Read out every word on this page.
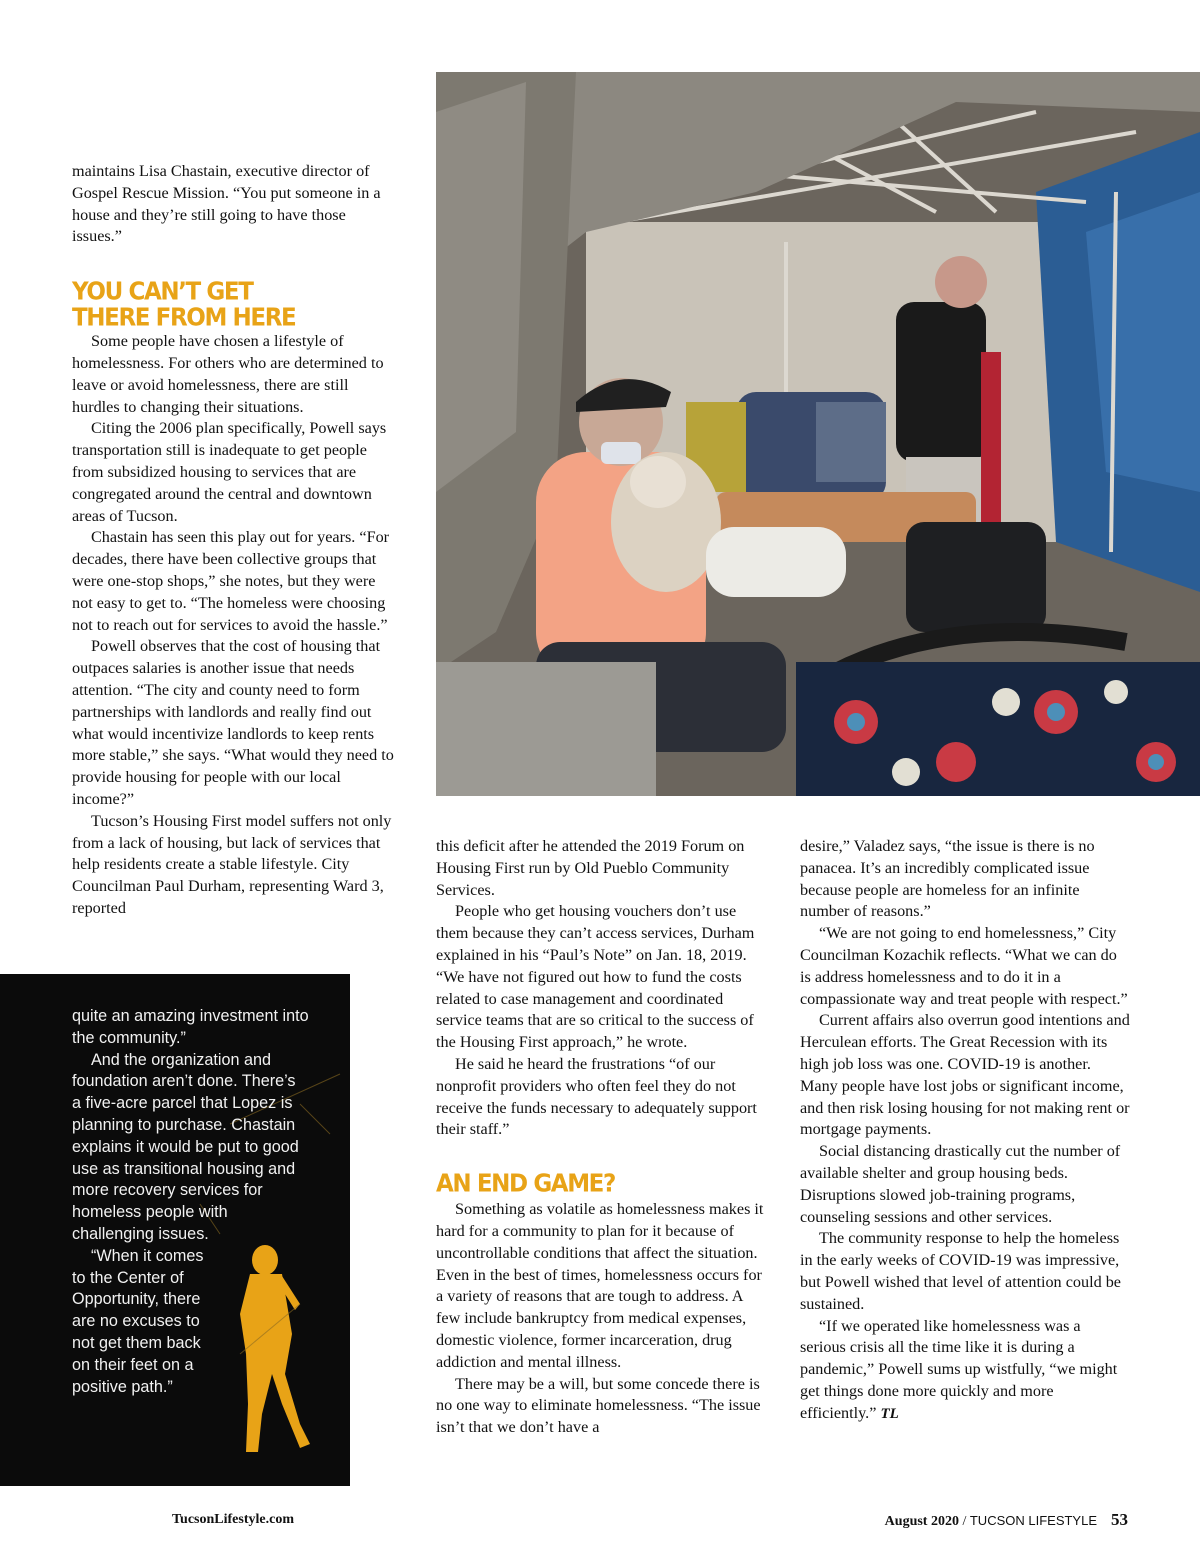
maintains Lisa Chastain, executive director of Gospel Rescue Mission. “You put someone in a house and they’re still going to have those issues.”

YOU CAN’T GET THERE FROM HERE

Some people have chosen a lifestyle of homelessness. For others who are determined to leave or avoid homelessness, there are still hurdles to changing their situations.

Citing the 2006 plan specifically, Powell says transportation still is inadequate to get people from subsidized housing to services that are congregated around the central and downtown areas of Tucson.

Chastain has seen this play out for years. “For decades, there have been collective groups that were one-stop shops,” she notes, but they were not easy to get to. “The homeless were choosing not to reach out for services to avoid the hassle.”

Powell observes that the cost of housing that outpaces salaries is another issue that needs attention. “The city and county need to form partnerships with landlords and really find out what would incentivize landlords to keep rents more stable,” she says. “What would they need to provide housing for people with our local income?”

Tucson’s Housing First model suffers not only from a lack of housing, but lack of services that help residents create a stable lifestyle. City Councilman Paul Durham, representing Ward 3, reported

this deficit after he attended the 2019 Forum on Housing First run by Old Pueblo Community Services.

People who get housing vouchers don’t use them because they can’t access services, Durham explained in his “Paul’s Note” on Jan. 18, 2019. “We have not figured out how to fund the costs related to case management and coordinated service teams that are so critical to the success of the Housing First approach,” he wrote.

He said he heard the frustrations “of our nonprofit providers who often feel they do not receive the funds necessary to adequately support their staff.”

AN END GAME?

Something as volatile as homelessness makes it hard for a community to plan for it because of uncontrollable conditions that affect the situation. Even in the best of times, homelessness occurs for a variety of reasons that are tough to address. A few include bankruptcy from medical expenses, domestic violence, former incarceration, drug addiction and mental illness.

There may be a will, but some concede there is no one way to eliminate homelessness. “The issue isn’t that we don’t have a

desire,” Valadez says, “the issue is there is no panacea. It’s an incredibly complicated issue because people are homeless for an infinite number of reasons.”

“We are not going to end homelessness,” City Councilman Kozachik reflects. “What we can do is address homelessness and to do it in a compassionate way and treat people with respect.”

Current affairs also overrun good intentions and Herculean efforts. The Great Recession with its high job loss was one. COVID-19 is another. Many people have lost jobs or significant income, and then risk losing housing for not making rent or mortgage payments.

Social distancing drastically cut the number of available shelter and group housing beds. Disruptions slowed job-training programs, counseling sessions and other services.

The community response to help the homeless in the early weeks of COVID-19 was impressive, but Powell wished that level of attention could be sustained.

“If we operated like homelessness was a serious crisis all the time like it is during a pandemic,” Powell sums up wistfully, “we might get things done more quickly and more efficiently.” TL

quite an amazing investment into the community.”

And the organization and foundation aren’t done. There’s a five-acre parcel that Lopez is planning to purchase. Chastain explains it would be put to good use as transitional housing and more recovery services for homeless people with challenging issues.

“When it comes to the Center of Opportunity, there are no excuses to not get them back on their feet on a positive path.”

TucsonLifestyle.com	August 2020 / TUCSON LIFESTYLE 53
